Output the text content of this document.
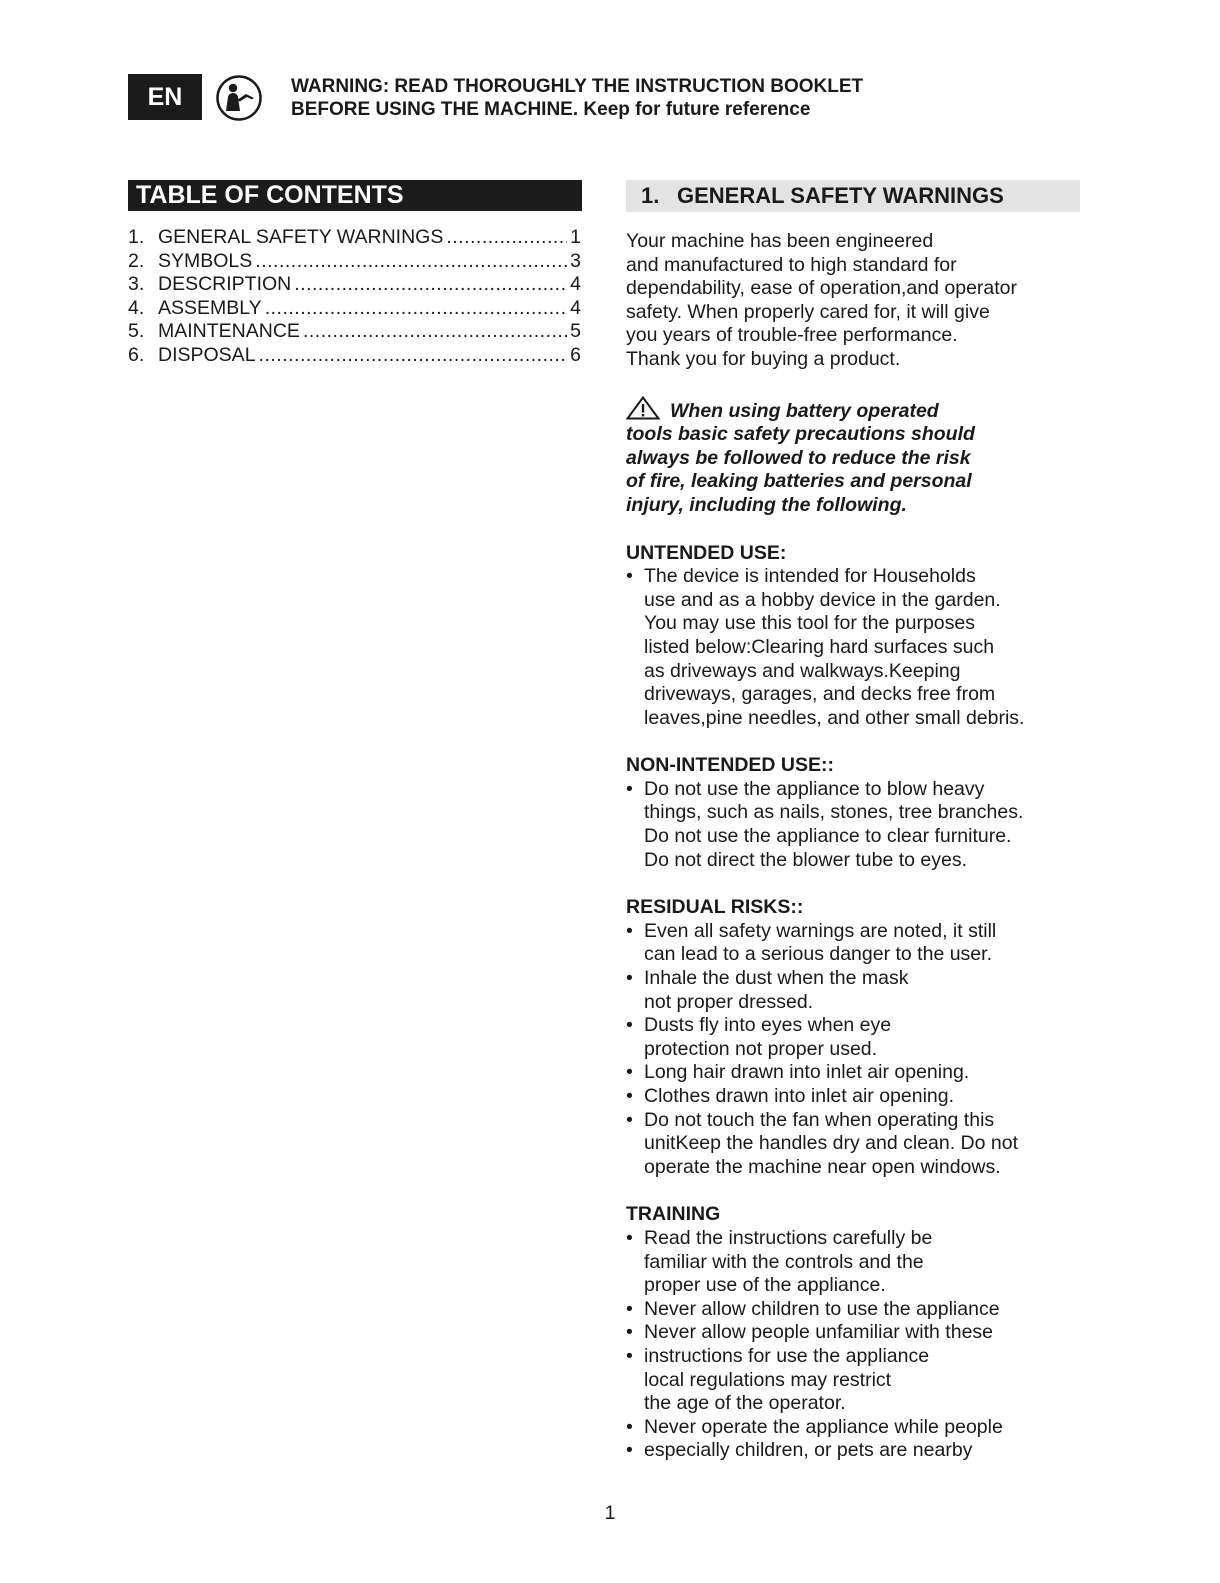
EN	WARNING: READ THOROUGHLY THE INSTRUCTION BOOKLET
BEFORE USING THE MACHINE. Keep for future reference
TABLE OF CONTENTS
1. GENERAL SAFETY WARNINGS .....	1
2. SYMBOLS .....	3
3. DESCRIPTION .....	4
4. ASSEMBLY .....	4
5. MAINTENANCE .....	5
6. DISPOSAL .....	6
1. GENERAL SAFETY WARNINGS

Your machine has been engineered
and manufactured to high standard for
dependability, ease of operation,and operator
safety. When properly cared for, it will give
you years of trouble-free performance.
Thank you for buying a product.

When using battery operated
tools basic safety precautions should
always be followed to reduce the risk
of fire, leaking batteries and personal
injury, including the following.

UNTENDED USE:

• The device is intended for Households
use and as a hobby device in the garden.
You may use this tool for the purposes
listed below:Clearing hard surfaces such
as driveways and walkways.Keeping
driveways, garages, and decks free from
leaves,pine needles, and other small debris.

NON-INTENDED USE::

• Do not use the appliance to blow heavy
things, such as nails, stones, tree branches.
Do not use the appliance to clear furniture.
Do not direct the blower tube to eyes.

RESIDUAL RISKS::

• Even all safety warnings are noted, it still
can lead to a serious danger to the user.
• Inhale the dust when the mask
not proper dressed.
• Dusts fly into eyes when eye
protection not proper used.
• Long hair drawn into inlet air opening.
• Clothes drawn into inlet air opening.
• Do not touch the fan when operating this
unitKeep the handles dry and clean. Do not
operate the machine near open windows.

TRAINING

• Read the instructions carefully be
familiar with the controls and the
proper use of the appliance.
• Never allow children to use the appliance
• Never allow people unfamiliar with these
• instructions for use the appliance
local regulations may restrict
the age of the operator.
• Never operate the appliance while people
• especially children, or pets are nearby
1
